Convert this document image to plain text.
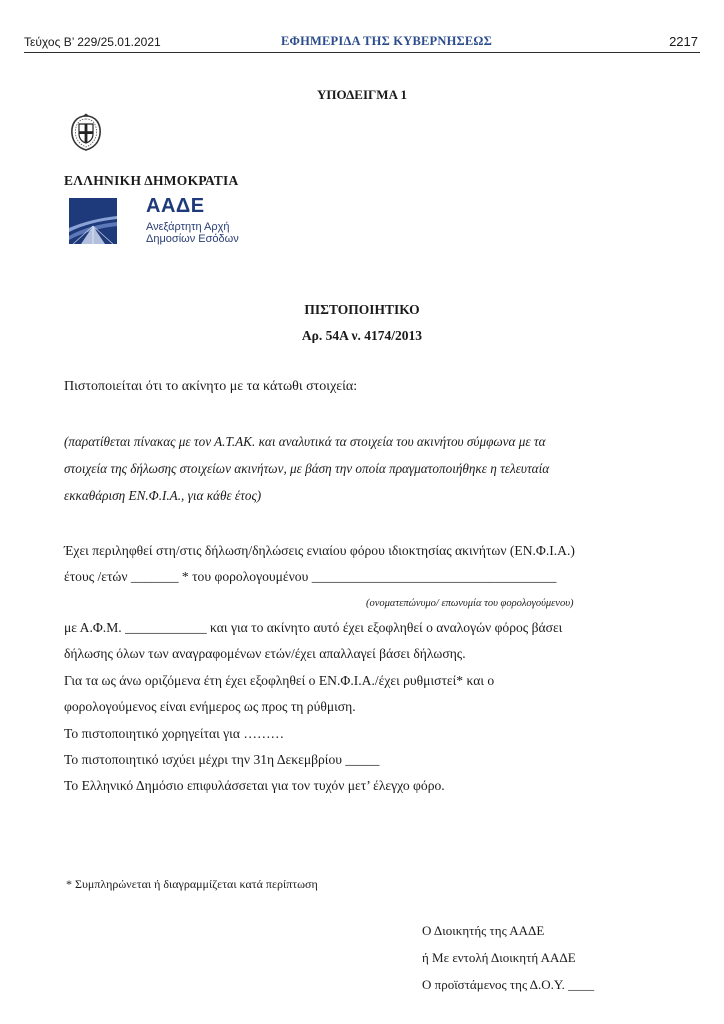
Τεύχος Β’ 229/25.01.2021	ΕΦΗΜΕΡΙΔΑ ΤΗΣ ΚΥΒΕΡΝΗΣΕΩΣ	2217
ΥΠΟΔΕΙΓΜΑ 1
ΕΛΛΗΝΙΚΗ ΔΗΜΟΚΡΑΤΙΑ
ΑΑΔΕ
Ανεξάρτητη Αρχή
Δημοσίων Εσόδων
ΠΙΣΤΟΠΟΙΗΤΙΚΟ
Αρ. 54Α ν. 4174/2013
Πιστοποιείται ότι το ακίνητο με τα κάτωθι στοιχεία:
(παρατίθεται πίνακας με τον Α.Τ.ΑΚ. και αναλυτικά τα στοιχεία του ακινήτου σύμφωνα με τα
στοιχεία της δήλωσης στοιχείων ακινήτων, με βάση την οποία πραγματοποιήθηκε η τελευταία
εκκαθάριση ΕΝ.Φ.Ι.Α., για κάθε έτος)
Έχει περιληφθεί στη/στις δήλωση/δηλώσεις ενιαίου φόρου ιδιοκτησίας ακινήτων (ΕΝ.Φ.Ι.Α.)
έτους /ετών _______ * του φορολογουμένου ____________________________________
(ονοματεπώνυμο/ επωνυμία του φορολογούμενου)
με Α.Φ.Μ. ____________ και για το ακίνητο αυτό έχει εξοφληθεί ο αναλογών φόρος βάσει
δήλωσης όλων των αναγραφομένων ετών/έχει απαλλαγεί βάσει δήλωσης.
Για τα ως άνω οριζόμενα έτη έχει εξοφληθεί ο ΕΝ.Φ.Ι.Α./έχει ρυθμιστεί* και ο
φορολογούμενος είναι ενήμερος ως προς τη ρύθμιση.
Το πιστοποιητικό χορηγείται για ………
Το πιστοποιητικό ισχύει μέχρι την 31η Δεκεμβρίου _____
Το Ελληνικό Δημόσιο επιφυλάσσεται για τον τυχόν μετ’ έλεγχο φόρο.
* Συμπληρώνεται ή διαγραμμίζεται κατά περίπτωση
Ο Διοικητής της ΑΑΔΕ
ή Με εντολή Διοικητή ΑΑΔΕ
Ο προϊστάμενος της Δ.Ο.Υ. ____
